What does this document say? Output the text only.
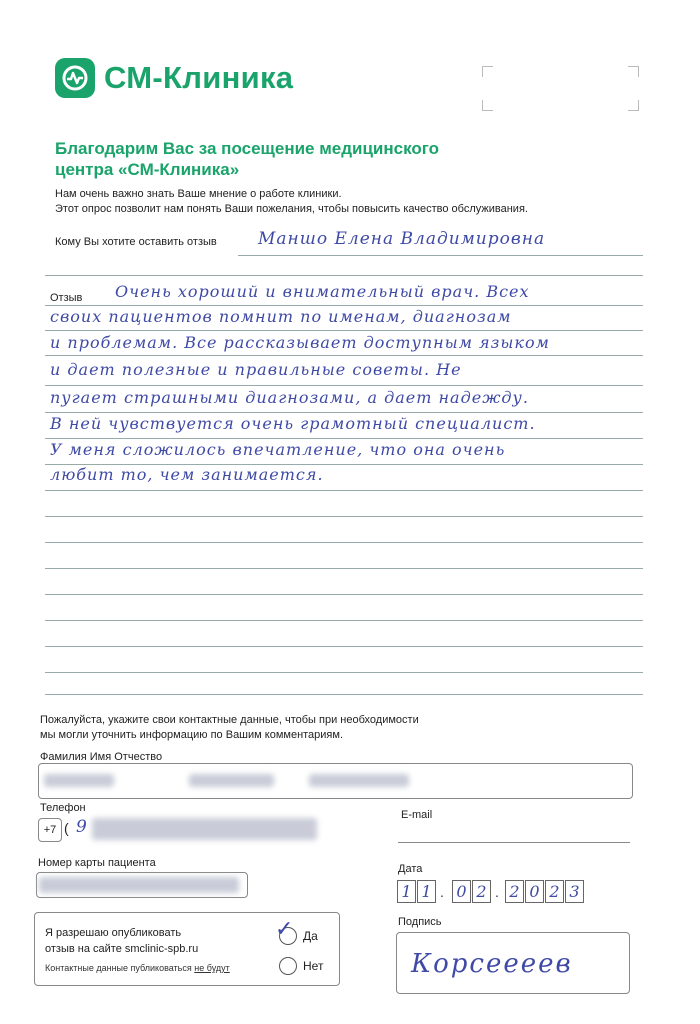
СМ-Клиника
Благодарим Вас за посещение медицинского центра «СМ-Клиника»
Нам очень важно знать Ваше мнение о работе клиники.
Этот опрос позволит нам понять Ваши пожелания, чтобы повысить качество обслуживания.
Кому Вы хотите оставить отзыв Маншо Елена Владимировна
Отзыв Очень хороший и внимательный врач. Всех
своих пациентов помнит по именам, диагнозам
и проблемам. Все рассказывает доступным языком
и дает полезные и правильные советы. Не
пугает страшными диагнозами, а дает надежду.
В ней чувствуется очень грамотный специалист.
У меня сложилось впечатление, что она очень
любит то, чем занимается.
Пожалуйста, укажите свои контактные данные, чтобы при необходимости
мы могли уточнить информацию по Вашим комментариям.
Фамилия Имя Отчество
Телефон
+7 ( 9
E-mail
Номер карты пациента	Дата
1 1 . 0 2 . 2 0 2 3
Я разрешаю опубликовать
отзыв на сайте smclinic-spb.ru
Контактные данные публиковаться не будут
✓ Да
Нет
Подпись
Корсеееев
